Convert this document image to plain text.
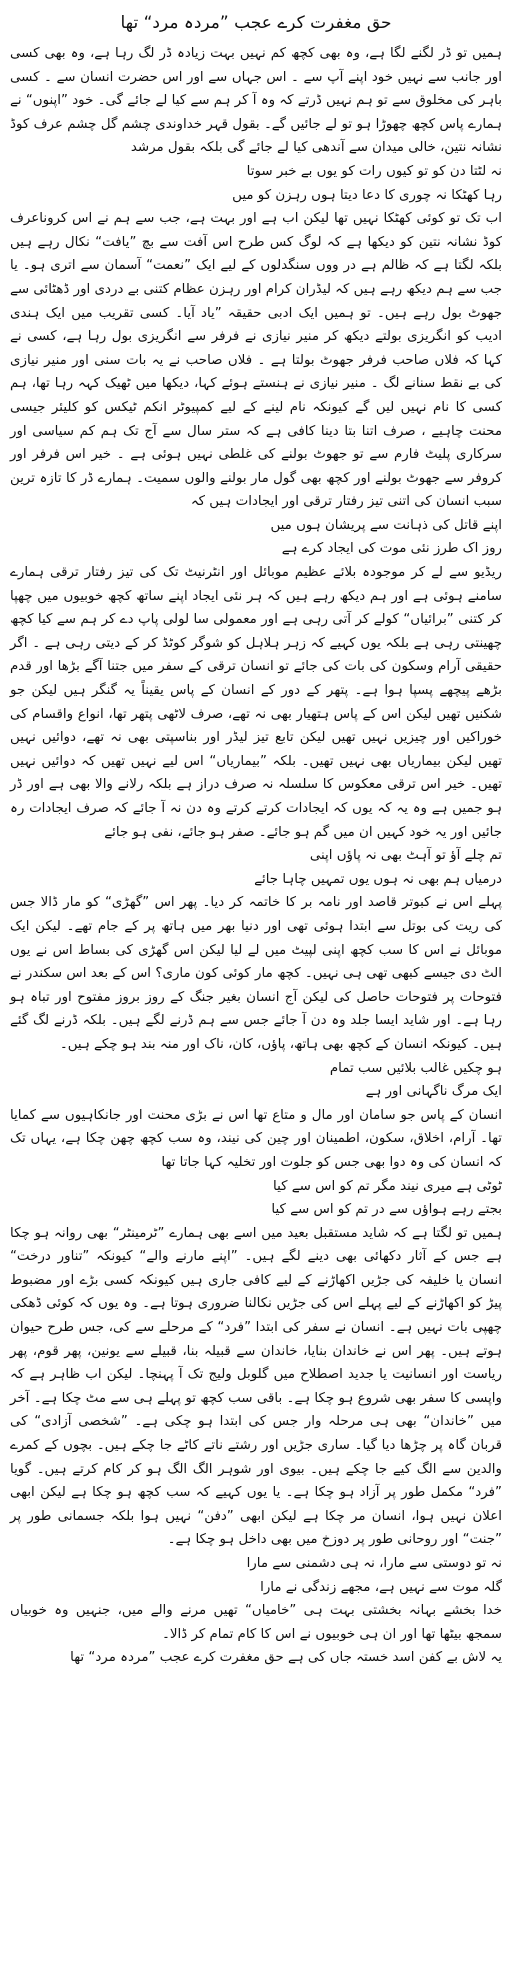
حق مغفرت کرے عجب ”مردہ مرد“ تھا

ہمیں تو ڈر لگنے لگا ہے، وہ بھی کچھ کم نہیں بہت زیادہ ڈر لگ رہا ہے، وہ بھی کسی اور جانب سے نہیں خود اپنے آپ سے ۔ اس جہاں سے اور اس حضرت انسان سے ۔ کسی باہر کی مخلوق سے تو ہم نہیں ڈرتے کہ وہ آ کر ہم سے کیا لے جائے گی۔ خود ”اپنوں“ نے ہمارے پاس کچھ چھوڑا ہو تو لے جائیں گے۔ بقول قہر خداوندی چشم گل چشم عرف کوڈ نشانہ نتین، خالی میدان سے آندھی کیا لے جائے گی بلکہ بقول مرشد

نہ لٹتا دن کو تو کیوں رات کو یوں بے خبر سوتا
رہا کھٹکا نہ چوری کا دعا دیتا ہوں رہزن کو میں

اب تک تو کوئی کھٹکا نہیں تھا لیکن اب ہے اور بہت ہے، جب سے ہم نے اس کروناعرف کوڈ نشانہ نتین کو دیکھا ہے کہ لوگ کس طرح اس آفت سے بچ ”یافت“ نکال رہے ہیں بلکہ لگتا ہے کہ ظالم ہے در ووں سنگدلوں کے لیے ایک ”نعمت“ آسمان سے اتری ہو۔ یا جب سے ہم دیکھ رہے ہیں کہ لیڈران کرام اور رہزن عظام کتنی بے دردی اور ڈھٹائی سے جھوٹ بول رہے ہیں۔ تو ہمیں ایک ادبی حقیقہ ”یاد آیا۔ کسی تقریب میں ایک ہندی ادیب کو انگریزی بولتے دیکھ کر منیر نیازی نے فرفر سے انگریزی بول رہا ہے، کسی نے کہا کہ فلاں صاحب فرفر جھوٹ بولتا ہے ۔ فلاں صاحب نے یہ بات سنی اور منیر نیازی کی بے نقط سنانے لگ ۔ منیر نیازی نے ہنستے ہوئے کہا، دیکھا میں ٹھیک کہہ رہا تھا، ہم کسی کا نام نہیں لیں گے کیونکہ نام لینے کے لیے کمپیوٹر انکم ٹیکس کو کلیئر جیسی محنت چاہیے ، صرف اتنا بتا دینا کافی ہے کہ ستر سال سے آج تک ہم کم سیاسی اور سرکاری پلیٹ فارم سے تو جھوٹ بولنے کی غلطی نہیں ہوئی ہے ۔ خیر اس فرفر اور کروفر سے جھوٹ بولنے اور کچھ بھی گول مار بولنے والوں سمیت۔ ہمارے ڈر کا تازہ ترین سبب انسان کی اتنی تیز رفتار ترقی اور ایجادات ہیں کہ

اپنے قاتل کی ذہانت سے پریشان ہوں میں
روز اک طرز نئی موت کی ایجاد کرے ہے

ریڈیو سے لے کر موجودہ بلائے عظیم موبائل اور انٹرنیٹ تک کی تیز رفتار ترقی ہمارے سامنے ہوئی ہے اور ہم دیکھ رہے ہیں کہ ہر نئی ایجاد اپنے ساتھ کچھ خوبیوں میں چھپا کر کتنی ”برائیاں“ کولے کر آتی رہی ہے اور معمولی سا لولی پاپ دے کر ہم سے کیا کچھ چھینتی رہی ہے بلکہ یوں کہیے کہ زہر ہلاہل کو شوگر کوٹڈ کر کے دیتی رہی ہے ۔ اگر حقیقی آرام وسکون کی بات کی جائے تو انسان ترقی کے سفر میں جتنا آگے بڑھا اور قدم بڑھے پیچھے پسپا ہوا ہے۔ پتھر کے دور کے انسان کے پاس یقیناً یہ گنگر ہیں لیکن جو شکنیں تھیں لیکن اس کے پاس ہتھیار بھی نہ تھے، صرف لاٹھی پتھر تھا، انواع واقسام کی خوراکیں اور چیزیں نہیں تھیں لیکن تابع تیز لیڈر اور بناسپتی بھی نہ تھے، دوائیں نہیں تھیں لیکن بیماریاں بھی نہیں تھیں۔ بلکہ ”بیماریاں“ اس لیے نہیں تھیں کہ دوائیں نہیں تھیں۔ خیر اس ترقی معکوس کا سلسلہ نہ صرف دراز ہے بلکہ رلانے والا بھی ہے اور ڈر ہو جمیں ہے وہ یہ کہ یوں کہ ایجادات کرتے کرتے وہ دن نہ آ جائے کہ صرف ایجادات رہ جائیں اور یہ خود کہیں ان میں گم ہو جائے۔ صفر ہو جائے، نفی ہو جائے

تم چلے آؤ تو آہٹ بھی نہ پاؤں اپنی
درمیاں ہم بھی نہ ہوں یوں تمہیں چاہا جائے

پہلے اس نے کبوتر قاصد اور نامہ بر کا خاتمہ کر دیا۔ پھر اس ”گھڑی“ کو مار ڈالا جس کی ریت کی بوتل سے ابتدا ہوئی تھی اور دنیا بھر میں ہاتھ پر کے جام تھے۔ لیکن ایک موبائل نے اس کا سب کچھ اپنی لپیٹ میں لے لیا لیکن اس گھڑی کی بساط اس نے یوں الٹ دی جیسے کبھی تھی ہی نہیں۔ کچھ مار کوئی کون ماری؟ اس کے بعد اس سکندر نے فتوحات پر فتوحات حاصل کی لیکن آج انسان بغیر جنگ کے روز بروز مفتوح اور تباہ ہو رہا ہے۔ اور شاید ایسا جلد وہ دن آ جائے جس سے ہم ڈرنے لگے ہیں۔ بلکہ ڈرنے لگ گئے ہیں۔ کیونکہ انسان کے کچھ بھی ہاتھ، پاؤں، کان، ناک اور منہ بند ہو چکے ہیں۔

ہو چکیں غالب بلائیں سب تمام
ایک مرگ ناگہانی اور ہے

انسان کے پاس جو سامان اور مال و متاع تھا اس نے بڑی محنت اور جانکاہیوں سے کمایا تھا۔ آرام، اخلاق، سکون، اطمینان اور چین کی نیند، وہ سب کچھ چھن چکا ہے، یہاں تک کہ انسان کی وہ دوا بھی جس کو جلوت اور تخلیہ کہا جاتا تھا

ٹوٹی ہے میری نیند مگر تم کو اس سے کیا
بجتے رہے ہواؤں سے در تم کو اس سے کیا

ہمیں تو لگتا ہے کہ شاید مستقبل بعید میں اسے بھی ہمارے ”ٹرمینٹر“ بھی روانہ ہو چکا ہے جس کے آثار دکھائی بھی دینے لگے ہیں۔ ”اپنے مارنے والے“ کیونکہ ”تناور درخت“ انسان یا خلیفہ کی جڑیں اکھاڑنے کے لیے کافی جاری ہیں کیونکہ کسی بڑے اور مضبوط پیڑ کو اکھاڑنے کے لیے پہلے اس کی جڑیں نکالنا ضروری ہوتا ہے۔ وہ یوں کہ کوئی ڈھکی چھپی بات نہیں ہے۔ انسان نے سفر کی ابتدا ”فرد“ کے مرحلے سے کی، جس طرح حیوان ہوتے ہیں۔ پھر اس نے خاندان بنایا، خاندان سے قبیلہ بنا، قبیلے سے یونین، پھر قوم، پھر ریاست اور انسانیت یا جدید اصطلاح میں گلوبل ولیج تک آ پہنچا۔ لیکن اب ظاہر ہے کہ واپسی کا سفر بھی شروع ہو چکا ہے۔ باقی سب کچھ تو پہلے ہی سے مٹ چکا ہے۔ آخر میں ”خاندان“ بھی ہی مرحلہ وار جس کی ابتدا ہو چکی ہے۔ ”شخصی آزادی“ کی قربان گاہ پر چڑھا دیا گیا۔ ساری جڑیں اور رشتے ناتے کاٹے جا چکے ہیں۔ بچوں کے کمرے والدین سے الگ کیے جا چکے ہیں۔ بیوی اور شوہر الگ الگ ہو کر کام کرتے ہیں۔ گویا ”فرد“ مکمل طور پر آزاد ہو چکا ہے۔ یا یوں کہیے کہ سب کچھ ہو چکا ہے لیکن ابھی اعلان نہیں ہوا، انسان مر چکا ہے لیکن ابھی ”دفن“ نہیں ہوا بلکہ جسمانی طور پر ”جنت“ اور روحانی طور پر دوزخ میں بھی داخل ہو چکا ہے۔

نہ تو دوستی سے مارا، نہ ہی دشمنی سے مارا
گلہ موت سے نہیں ہے، مجھے زندگی نے مارا

خدا بخشے بہانہ بخشتی بہت ہی ”خامیاں“ تھیں مرنے والے میں، جنہیں وہ خوبیاں سمجھ بیٹھا تھا اور ان ہی خوبیوں نے اس کا کام تمام کر ڈالا۔

یہ لاش بے کفن اسد خستہ جاں کی ہے حق مغفرت کرے عجب ”مردہ مرد“ تھا
